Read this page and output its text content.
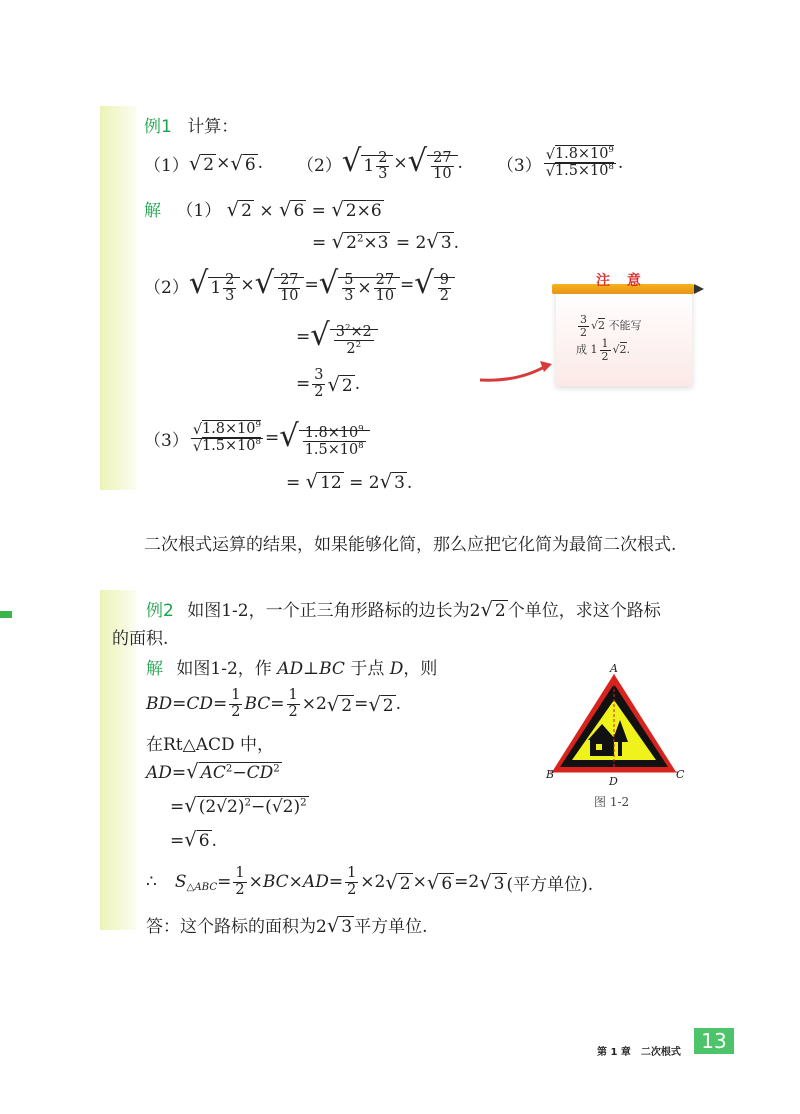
例1 计算：
（1） √ 2 × √ 6 . （2） √ $1 \frac{2}{3}$ × √ $\frac{27}{10}$ . $(3) \frac{√1.8\times 10^9}{√1.5\times 10^8}$ .
解 （1） √ 2 × √ 6 = √ 2×6
= √ $2^2\times 3 = 2√$ 3 .
（2） √ $1 \frac{2}{3}$ × √ $\frac{27}{10}$ = √ $\frac{5}{3} \times \frac{27}{10}$ = √ $\frac{9}{2}$
= √ $\frac{3^2\times 2}{2^2}$
= $\frac{3}{2}$ √ 2 .
$(3) \frac{√1.8\times 10^9}{√1.5\times 10^8}$ = √ $\frac{1.8\times 10^9}{1.5\times 10^8}$
= √ 12 = 2√ 3 .
注 意
$\frac{3}{2} √2$ 不能写
成 $1 \frac{1}{2} √2$.
二次根式运算的结果，如果能够化简，那么应把它化简为最简二次根式.
例2 如图1-2，一个正三角形路标的边长为2√ 2 个单位，求这个路标
的面积.
解 如图1-2，作 AD⊥BC 于点 D，则
BD = CD = $\frac{1}{2}$ BC = $\frac{1}{2} \times 2$ √ 2 = √ 2 .
在Rt△ACD 中，
AD=√ $AC^2-CD^2$
=√ $(2√2)^2-(√2)^2$
=√ 6 .
∴ S △ABC = $\frac{1}{2}$ × BC × AD = $\frac{1}{2} \times 2$ √ 2 × √ 6 =2 √ 3 (平方单位).
答：这个路标的面积为2√ 3 平方单位.
A
B	C
D
图 1-2
第 1 章　二次根式	13
